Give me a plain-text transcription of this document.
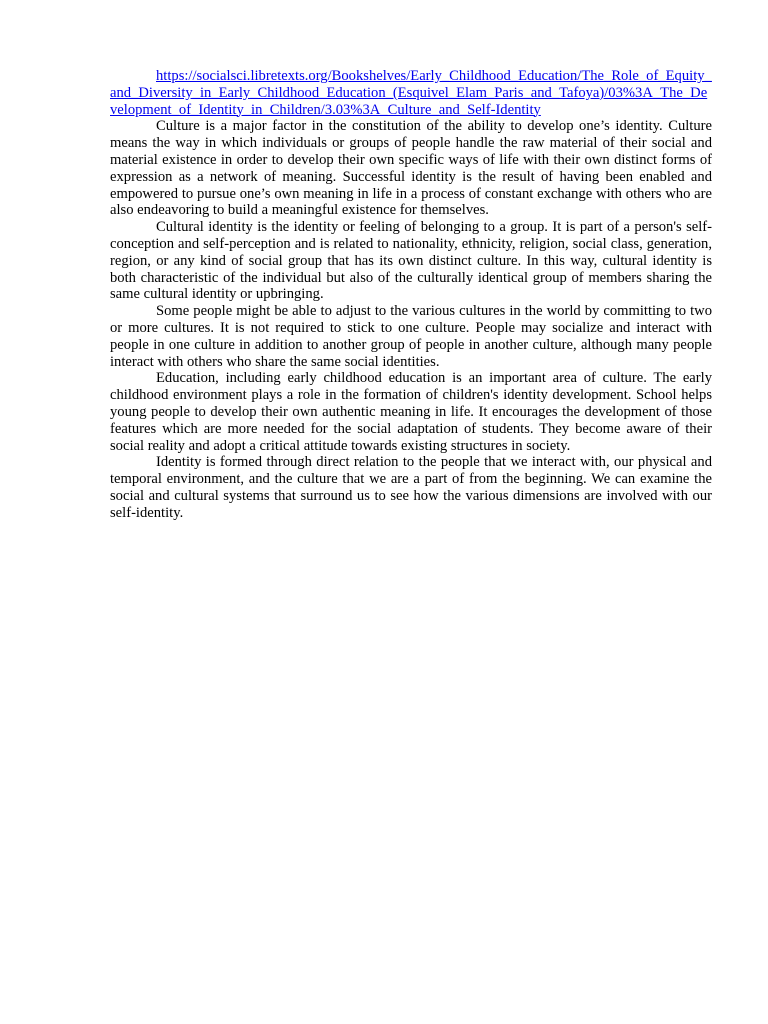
https://socialsci.libretexts.org/Bookshelves/Early_Childhood_Education/The_Role_of_Equity_and_Diversity_in_Early_Childhood_Education_(Esquivel_Elam_Paris_and_Tafoya)/03%3A_The_Development_of_Identity_in_Children/3.03%3A_Culture_and_Self-Identity

Culture is a major factor in the constitution of the ability to develop one’s identity. Culture means the way in which individuals or groups of people handle the raw material of their social and material existence in order to develop their own specific ways of life with their own distinct forms of expression as a network of meaning. Successful identity is the result of having been enabled and empowered to pursue one’s own meaning in life in a process of constant exchange with others who are also endeavoring to build a meaningful existence for themselves.

Cultural identity is the identity or feeling of belonging to a group. It is part of a person's self-conception and self-perception and is related to nationality, ethnicity, religion, social class, generation, region, or any kind of social group that has its own distinct culture. In this way, cultural identity is both characteristic of the individual but also of the culturally identical group of members sharing the same cultural identity or upbringing.

Some people might be able to adjust to the various cultures in the world by committing to two or more cultures. It is not required to stick to one culture. People may socialize and interact with people in one culture in addition to another group of people in another culture, although many people interact with others who share the same social identities.

Education, including early childhood education is an important area of culture. The early childhood environment plays a role in the formation of children's identity development. School helps young people to develop their own authentic meaning in life. It encourages the development of those features which are more needed for the social adaptation of students. They become aware of their social reality and adopt a critical attitude towards existing structures in society.

Identity is formed through direct relation to the people that we interact with, our physical and temporal environment, and the culture that we are a part of from the beginning. We can examine the social and cultural systems that surround us to see how the various dimensions are involved with our self-identity.
